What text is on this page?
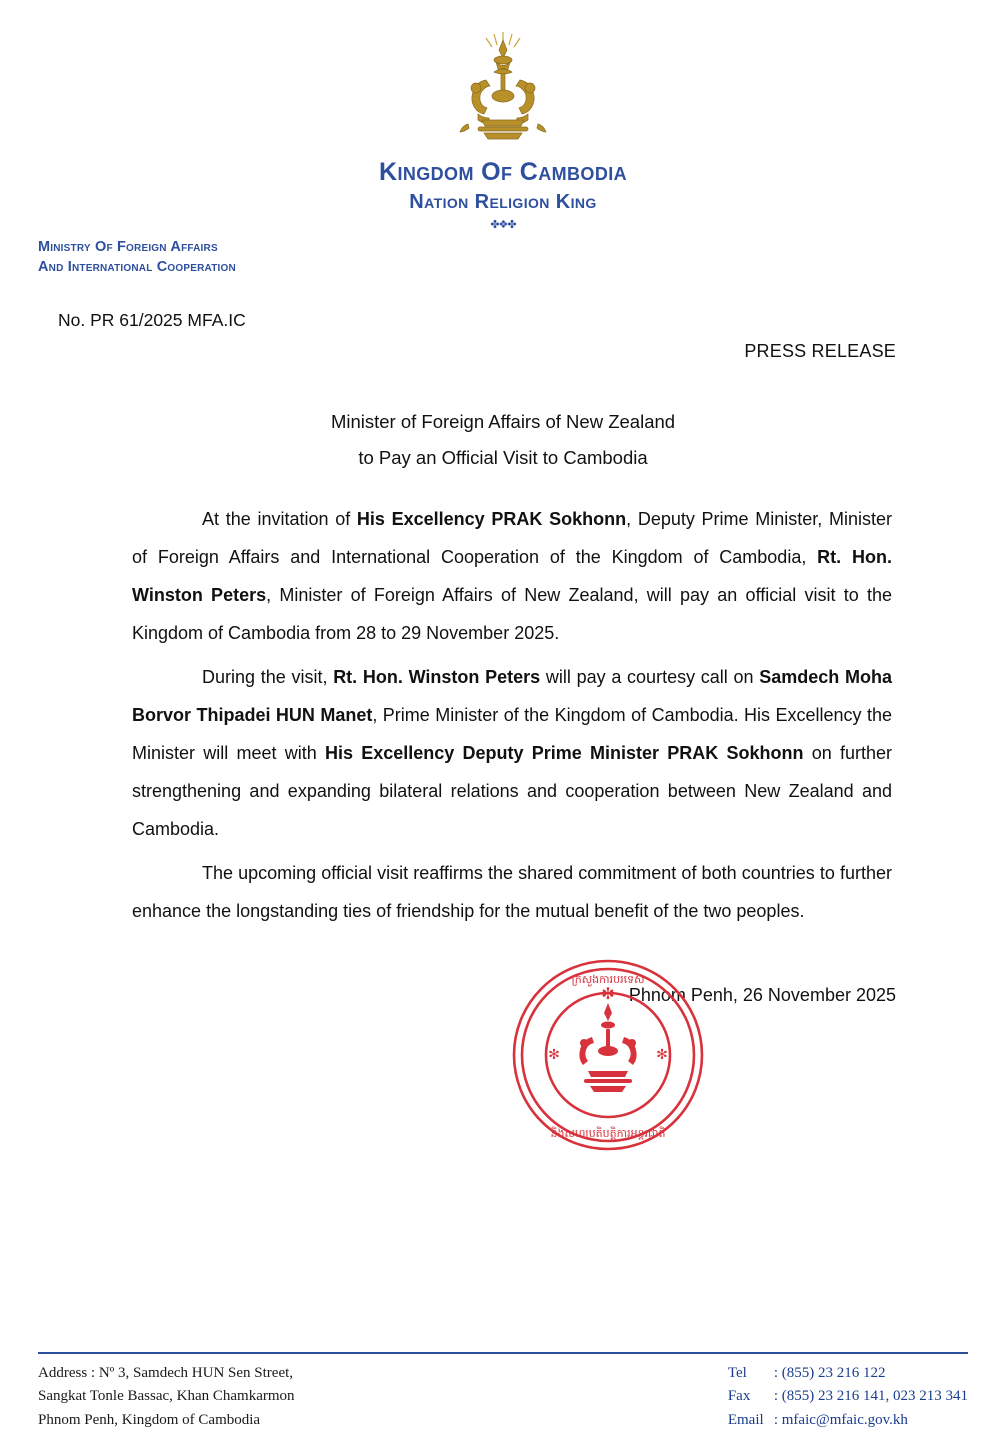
Kingdom Of Cambodia
Nation Religion King
✤❖✤
Ministry Of Foreign Affairs
And International Cooperation
No. PR 61/2025 MFA.IC
PRESS RELEASE
Minister of Foreign Affairs of New Zealand
to Pay an Official Visit to Cambodia

At the invitation of His Excellency PRAK Sokhonn, Deputy Prime Minister, Minister of Foreign Affairs and International Cooperation of the Kingdom of Cambodia, Rt. Hon. Winston Peters, Minister of Foreign Affairs of New Zealand, will pay an official visit to the Kingdom of Cambodia from 28 to 29 November 2025.

During the visit, Rt. Hon. Winston Peters will pay a courtesy call on Samdech Moha Borvor Thipadei HUN Manet, Prime Minister of the Kingdom of Cambodia. His Excellency the Minister will meet with His Excellency Deputy Prime Minister PRAK Sokhonn on further strengthening and expanding bilateral relations and cooperation between New Zealand and Cambodia.

The upcoming official visit reaffirms the shared commitment of both countries to further enhance the longstanding ties of friendship for the mutual benefit of the two peoples.

Phnom Penh, 26 November 2025
✻
✻	✻
ក្រសួងការបរទេស
និងសហប្រតិបត្តិការអន្តរជាតិ
Address : Nº 3, Samdech HUN Sen Street,
Sangkat Tonle Bassac, Khan Chamkarmon
Phnom Penh, Kingdom of Cambodia
Tel	: (855) 23 216 122
Fax	: (855) 23 216 141, 023 213 341
Email : mfaic@mfaic.gov.kh
